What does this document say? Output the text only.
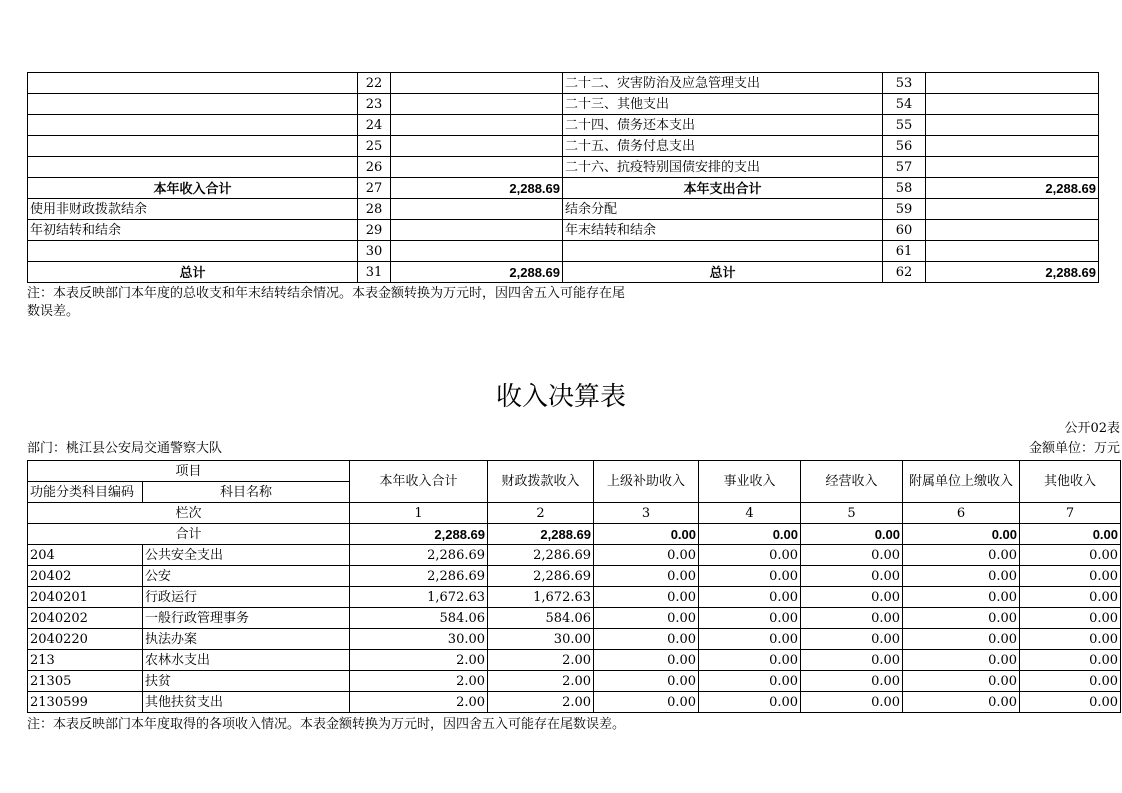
	22		二十二、灾害防治及应急管理支出	53	
	23		二十三、其他支出	54	
	24		二十四、债务还本支出	55	
	25		二十五、债务付息支出	56	
	26		二十六、抗疫特别国债安排的支出	57	
本年收入合计	27	2,288.69	本年支出合计	58	2,288.69
使用非财政拨款结余	28		结余分配	59	
年初结转和结余	29		年末结转和结余	60	
	30			61	
总计	31	2,288.69	总计	62	2,288.69
注：本表反映部门本年度的总收支和年末结转结余情况。本表金额转换为万元时，因四舍五入可能存在尾
数误差。
收入决算表
公开02表
部门：桃江县公安局交通警察大队	金额单位：万元
项目		本年收入合计	财政拨款收入	上级补助收入	事业收入	经营收入	附属单位上缴收入	其他收入
功能分类科目编码	科目名称							
栏次		1	2	3	4	5	6	7
合计		2,288.69	2,288.69	0.00	0.00	0.00	0.00	0.00
204	公共安全支出	2,286.69	2,286.69	0.00	0.00	0.00	0.00	0.00
20402	公安	2,286.69	2,286.69	0.00	0.00	0.00	0.00	0.00
2040201	行政运行	1,672.63	1,672.63	0.00	0.00	0.00	0.00	0.00
2040202	一般行政管理事务	584.06	584.06	0.00	0.00	0.00	0.00	0.00
2040220	执法办案	30.00	30.00	0.00	0.00	0.00	0.00	0.00
213	农林水支出	2.00	2.00	0.00	0.00	0.00	0.00	0.00
21305	扶贫	2.00	2.00	0.00	0.00	0.00	0.00	0.00
2130599	其他扶贫支出	2.00	2.00	0.00	0.00	0.00	0.00	0.00
注：本表反映部门本年度取得的各项收入情况。本表金额转换为万元时，因四舍五入可能存在尾数误差。
